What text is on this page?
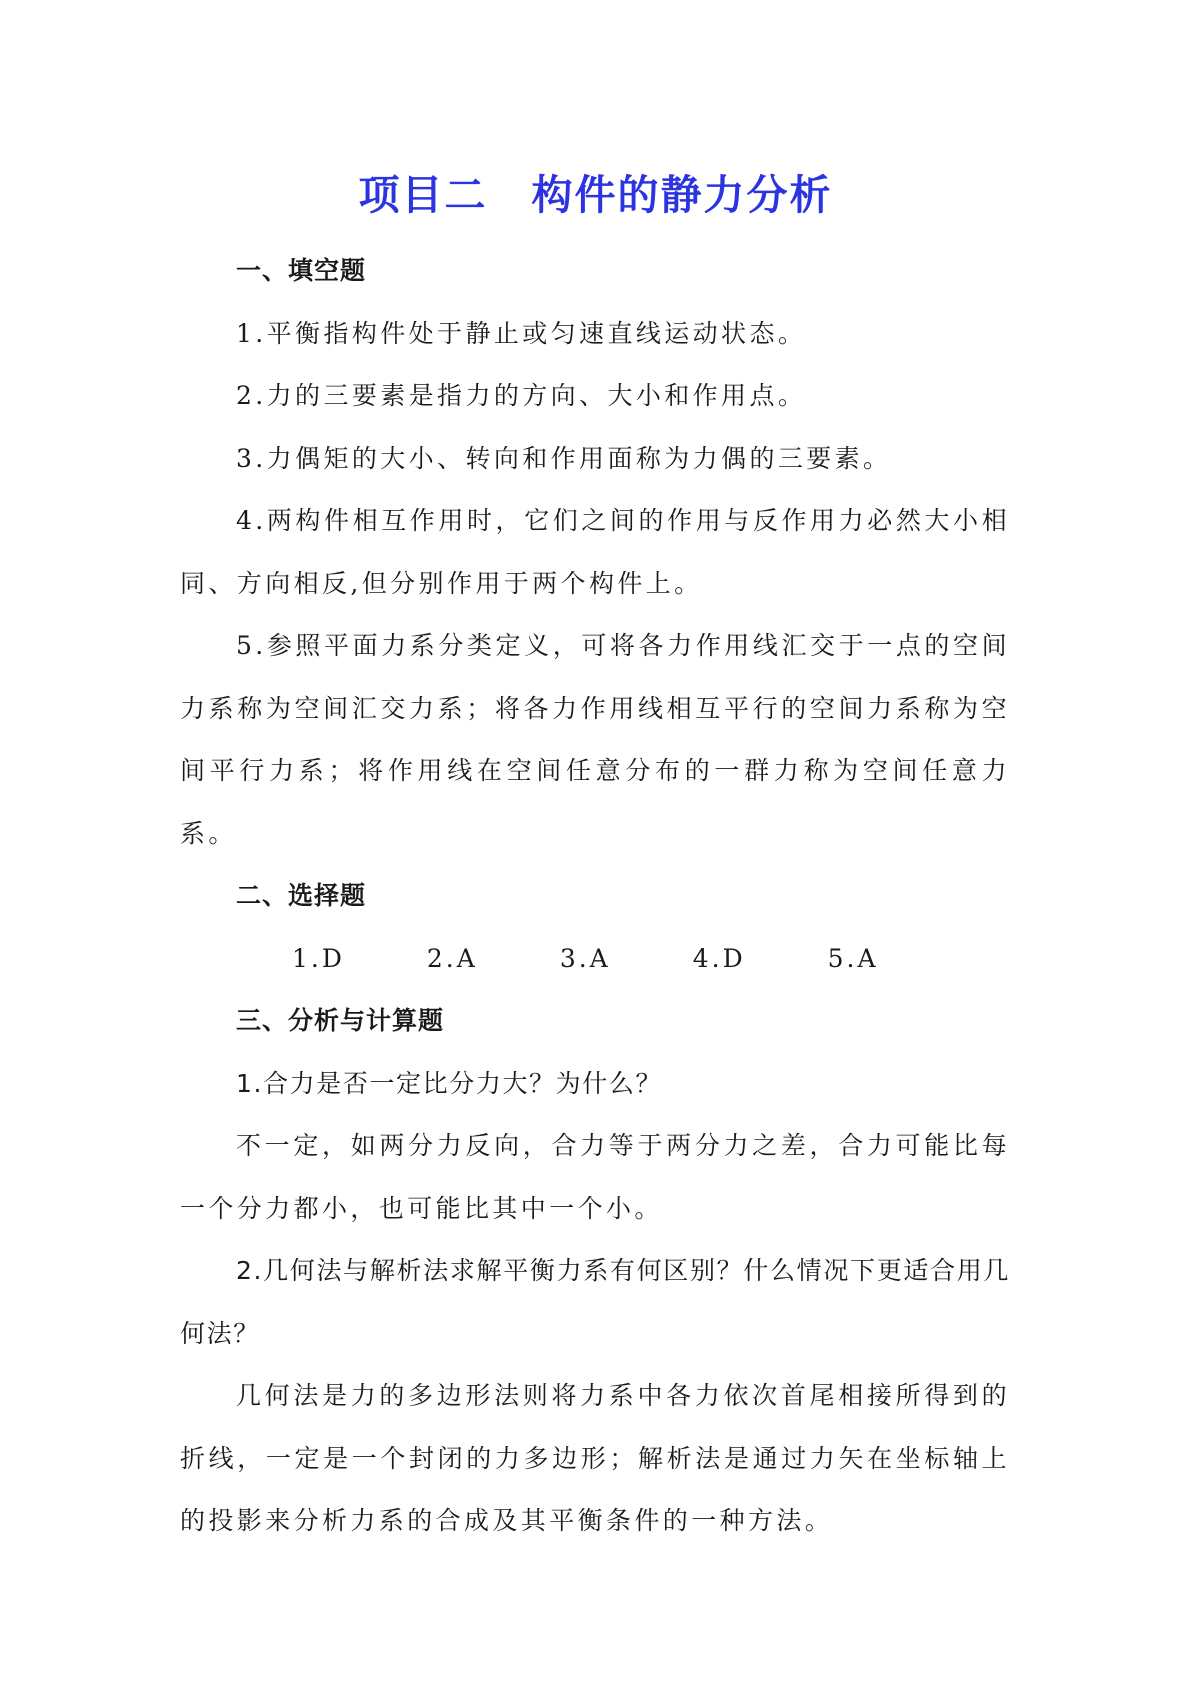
项目二 构件的静力分析

一、填空题

1.平衡指构件处于静止或匀速直线运动状态。

2.力的三要素是指力的方向、大小和作用点。

3.力偶矩的大小、转向和作用面称为力偶的三要素。

4.两构件相互作用时，它们之间的作用与反作用力必然大小相同、方向相反,但分别作用于两个构件上。

5.参照平面力系分类定义，可将各力作用线汇交于一点的空间力系称为空间汇交力系；将各力作用线相互平行的空间力系称为空间平行力系；将作用线在空间任意分布的一群力称为空间任意力系。

二、选择题

1.D	2.A	3.A	4.D	5.A

三、分析与计算题

1.合力是否一定比分力大？为什么？

不一定，如两分力反向，合力等于两分力之差，合力可能比每一个分力都小，也可能比其中一个小。

2.几何法与解析法求解平衡力系有何区别？什么情况下更适合用几何法？

几何法是力的多边形法则将力系中各力依次首尾相接所得到的折线，一定是一个封闭的力多边形；解析法是通过力矢在坐标轴上的投影来分析力系的合成及其平衡条件的一种方法。
